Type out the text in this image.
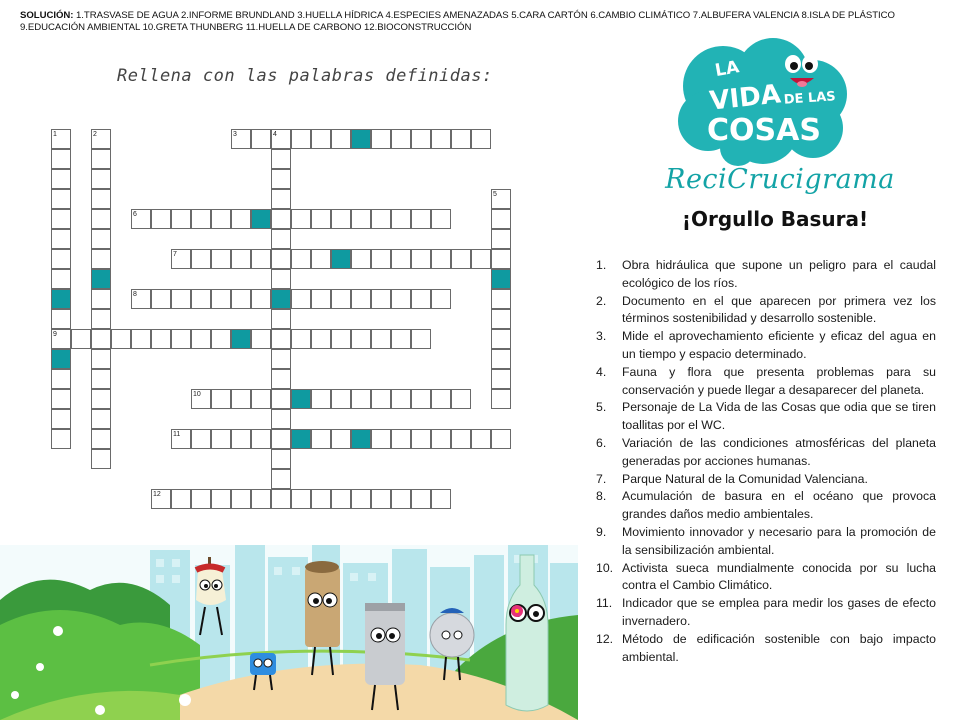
SOLUCIÓN: 1.TRASVASE DE AGUA 2.INFORME BRUNDLAND 3.HUELLA HÍDRICA 4.ESPECIES AMENAZADAS 5.CARA CARTÓN 6.CAMBIO CLIMÁTICO 7.ALBUFERA VALENCIA 8.ISLA DE PLÁSTICO 9.EDUCACIÓN AMBIENTAL 10.GRETA THUNBERG 11.HUELLA DE CARBONO 12.BIOCONSTRUCCIÓN
Rellena con las palabras definidas:
1	2	3	4
5
6
7
8
9
10
11
12
LA
VIDA DE LAS
COSAS
ReciCrucigrama
¡Orgullo Basura!
1. Obra hidráulica que supone un peligro para el caudal ecológico de los ríos.
2. Documento en el que aparecen por primera vez los términos sostenibilidad y desarrollo sostenible.
3. Mide el aprovechamiento eficiente y eficaz del agua en un tiempo y espacio determinado.
4. Fauna y flora que presenta problemas para su conservación y puede llegar a desaparecer del planeta.
5. Personaje de La Vida de las Cosas que odia que se tiren toallitas por el WC.
6. Variación de las condiciones atmosféricas del planeta generadas por acciones humanas.
7. Parque Natural de la Comunidad Valenciana.
8. Acumulación de basura en el océano que provoca grandes daños medio ambientales.
9. Movimiento innovador y necesario para la promoción de la sensibilización ambiental.
10. Activista sueca mundialmente conocida por su lucha contra el Cambio Climático.
11. Indicador que se emplea para medir los gases de efecto invernadero.
12. Método de edificación sostenible con bajo impacto ambiental.
